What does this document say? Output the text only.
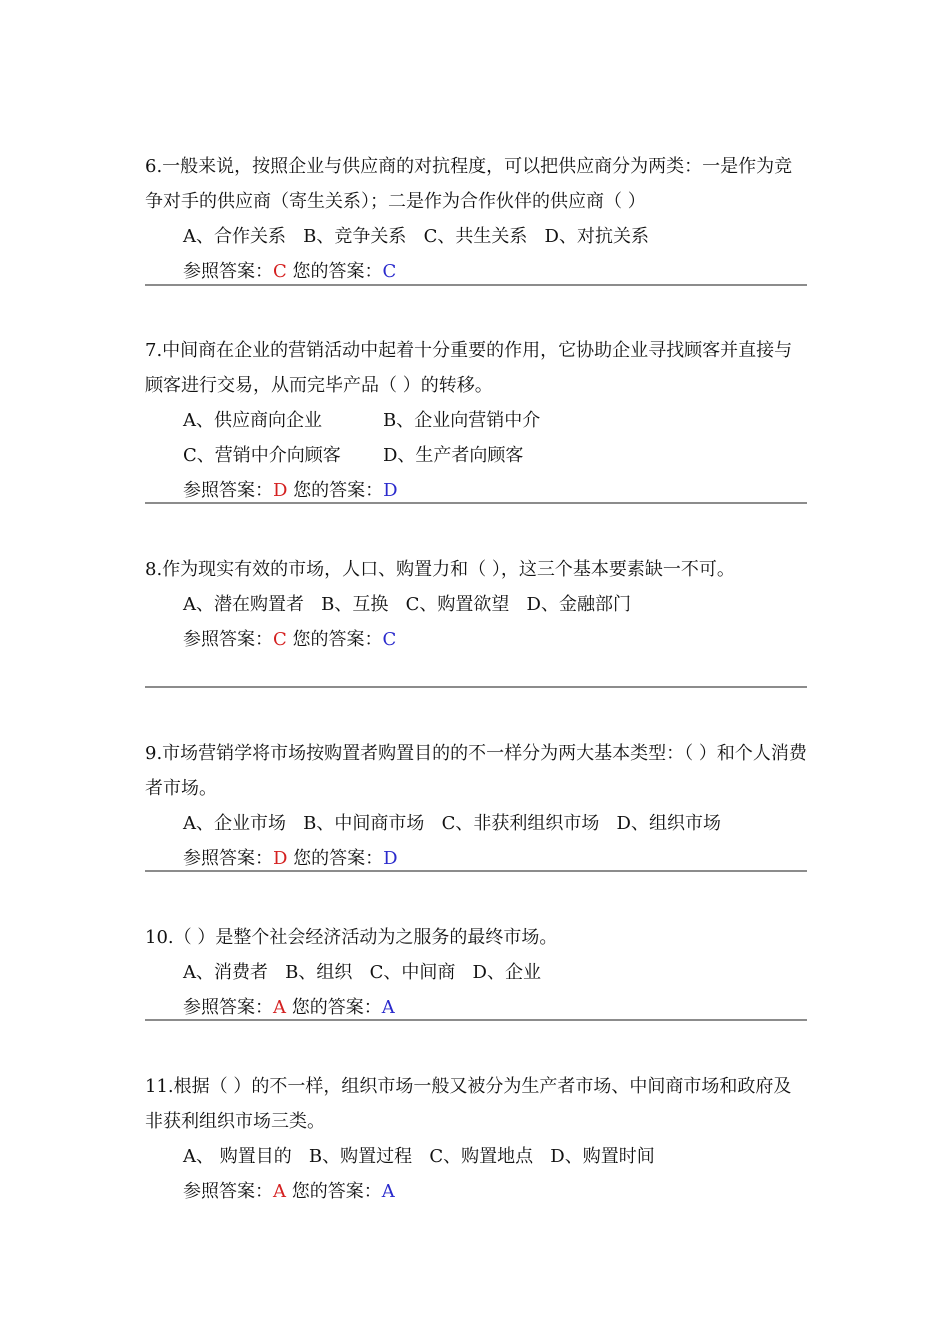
6.一般来说，按照企业与供应商的对抗程度，可以把供应商分为两类：一是作为竞争对手的供应商（寄生关系）；二是作为合作伙伴的供应商（ ）

A、合作关系 B、竞争关系 C、共生关系 D、对抗关系
参照答案：C 您的答案：C

7.中间商在企业的营销活动中起着十分重要的作用，它协助企业寻找顾客并直接与顾客进行交易，从而完毕产品（ ）的转移。

A、供应商向企业	B、企业向营销中介
C、营销中介向顾客 D、生产者向顾客
参照答案：D 您的答案：D

8.作为现实有效的市场，人口、购置力和（ ），这三个基本要素缺一不可。

A、潜在购置者 B、互换 C、购置欲望 D、金融部门
参照答案：C 您的答案：C

9.市场营销学将市场按购置者购置目的的不一样分为两大基本类型：（ ）和个人消费者市场。

A、企业市场 B、中间商市场 C、非获利组织市场 D、组织市场
参照答案：D 您的答案：D

10.（ ）是整个社会经济活动为之服务的最终市场。

A、消费者 B、组织 C、中间商 D、企业
参照答案：A 您的答案：A

11.根据（ ）的不一样，组织市场一般又被分为生产者市场、中间商市场和政府及非获利组织市场三类。

A、 购置目的 B、购置过程 C、购置地点 D、购置时间
参照答案：A 您的答案：A
